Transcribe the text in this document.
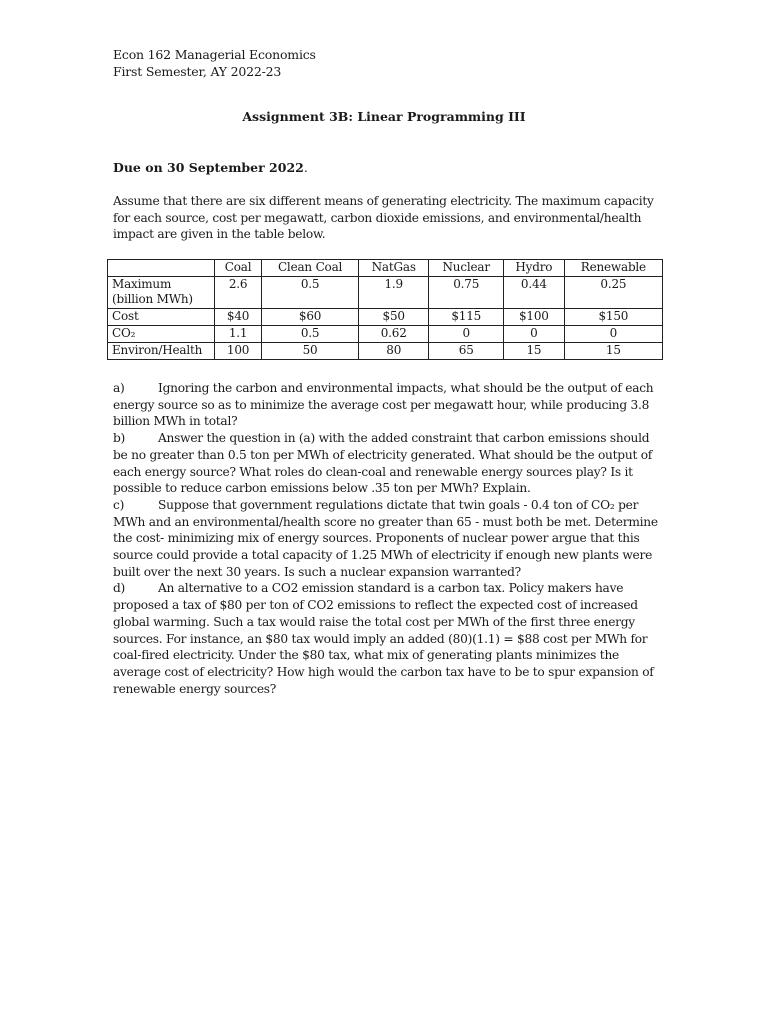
Econ 162 Managerial Economics
First Semester, AY 2022-23
Assignment 3B: Linear Programming III
Due on 30 September 2022.
Assume that there are six different means of generating electricity. The maximum capacity
for each source, cost per megawatt, carbon dioxide emissions, and environmental/health
impact are given in the table below.
	Coal	Clean Coal	NatGas	Nuclear	Hydro	Renewable

Maximum
(billion MWh)	2.6	0.5	1.9	0.75	0.44	0.25
Cost	$40	$60	$50	$115	$100	$150
CO₂	1.1	0.5	0.62	0	0	0
Environ/Health	100	50	80	65	15	15
a)	Ignoring the carbon and environmental impacts, what should be the output of each
energy source so as to minimize the average cost per megawatt hour, while producing 3.8
billion MWh in total?
b)	Answer the question in (a) with the added constraint that carbon emissions should
be no greater than 0.5 ton per MWh of electricity generated. What should be the output of
each energy source? What roles do clean-coal and renewable energy sources play? Is it
possible to reduce carbon emissions below .35 ton per MWh? Explain.
c)	Suppose that government regulations dictate that twin goals - 0.4 ton of CO₂ per
MWh and an environmental/health score no greater than 65 - must both be met. Determine
the cost- minimizing mix of energy sources. Proponents of nuclear power argue that this
source could provide a total capacity of 1.25 MWh of electricity if enough new plants were
built over the next 30 years. Is such a nuclear expansion warranted?
d)	An alternative to a CO2 emission standard is a carbon tax. Policy makers have
proposed a tax of $80 per ton of CO2 emissions to reflect the expected cost of increased
global warming. Such a tax would raise the total cost per MWh of the first three energy
sources. For instance, an $80 tax would imply an added (80)(1.1) = $88 cost per MWh for
coal-fired electricity. Under the $80 tax, what mix of generating plants minimizes the
average cost of electricity? How high would the carbon tax have to be to spur expansion of
renewable energy sources?
